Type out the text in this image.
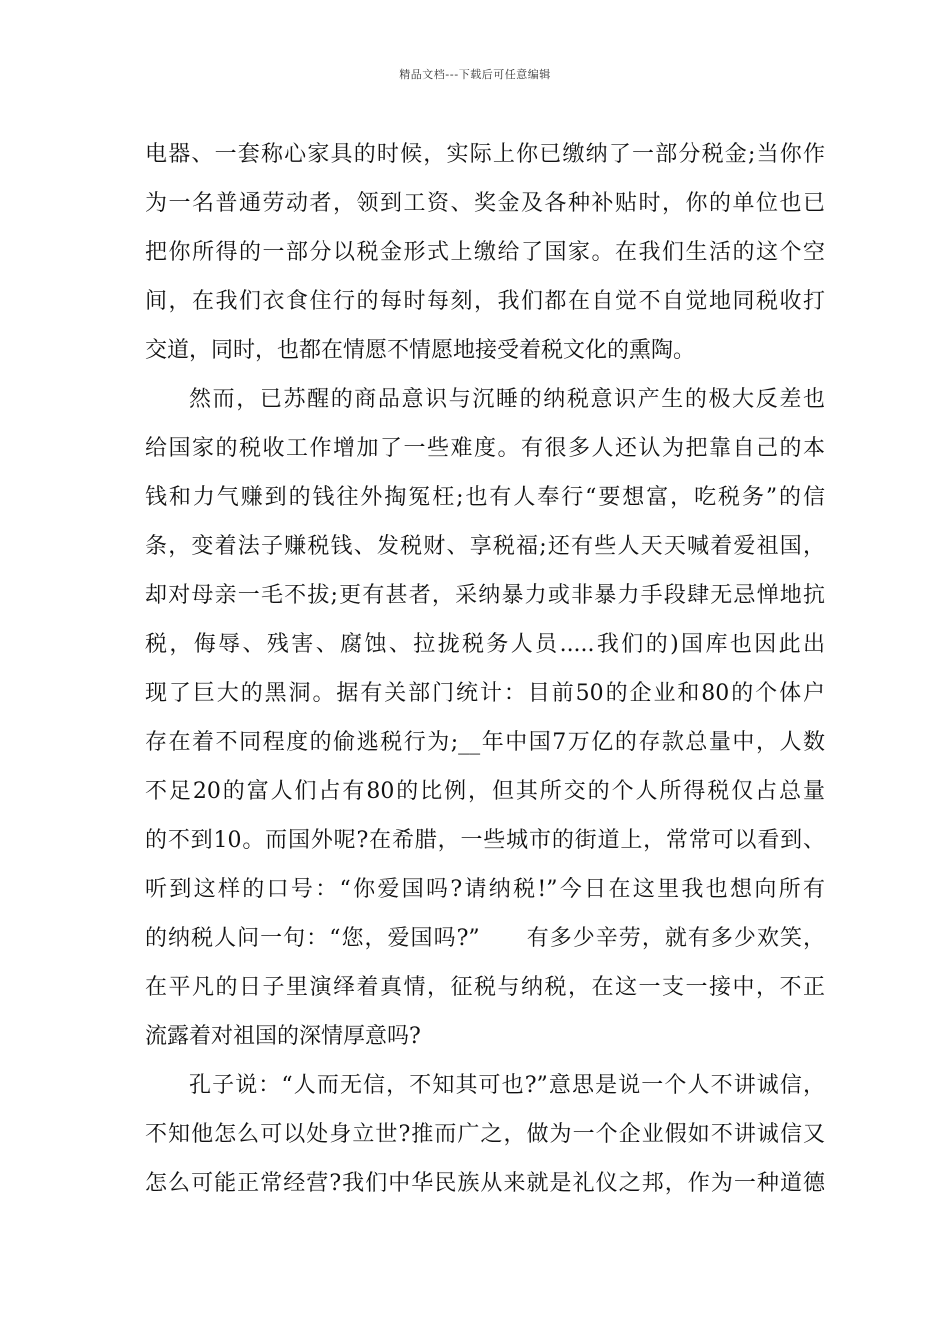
精品文档---下载后可任意编辑
电器、一套称心家具的时候，实际上你已缴纳了一部分税金;当你作
为一名普通劳动者，领到工资、奖金及各种补贴时，你的单位也已
把你所得的一部分以税金形式上缴给了国家。在我们生活的这个空
间，在我们衣食住行的每时每刻，我们都在自觉不自觉地同税收打
交道，同时，也都在情愿不情愿地接受着税文化的熏陶。
然而，已苏醒的商品意识与沉睡的纳税意识产生的极大反差也
给国家的税收工作增加了一些难度。有很多人还认为把靠自己的本
钱和力气赚到的钱往外掏冤枉;也有人奉行“要想富，吃税务”的信
条，变着法子赚税钱、发税财、享税福;还有些人天天喊着爱祖国，
却对母亲一毛不拔;更有甚者，采纳暴力或非暴力手段肆无忌惮地抗
税，侮辱、残害、腐蚀、拉拢税务人员.....我们的)国库也因此出
现了巨大的黑洞。据有关部门统计：目前50的企业和80的个体户
存在着不同程度的偷逃税行为;__年中国7万亿的存款总量中，人数
不足20的富人们占有80的比例，但其所交的个人所得税仅占总量
的不到10。而国外呢?在希腊，一些城市的街道上，常常可以看到、
听到这样的口号：“你爱国吗?请纳税!”今日在这里我也想向所有
的纳税人问一句：“您，爱国吗?”　　有多少辛劳，就有多少欢笑，
在平凡的日子里演绎着真情，征税与纳税，在这一支一接中，不正
流露着对祖国的深情厚意吗?
孔子说：“人而无信，不知其可也?”意思是说一个人不讲诚信，
不知他怎么可以处身立世?推而广之，做为一个企业假如不讲诚信又
怎么可能正常经营?我们中华民族从来就是礼仪之邦，作为一种道德
